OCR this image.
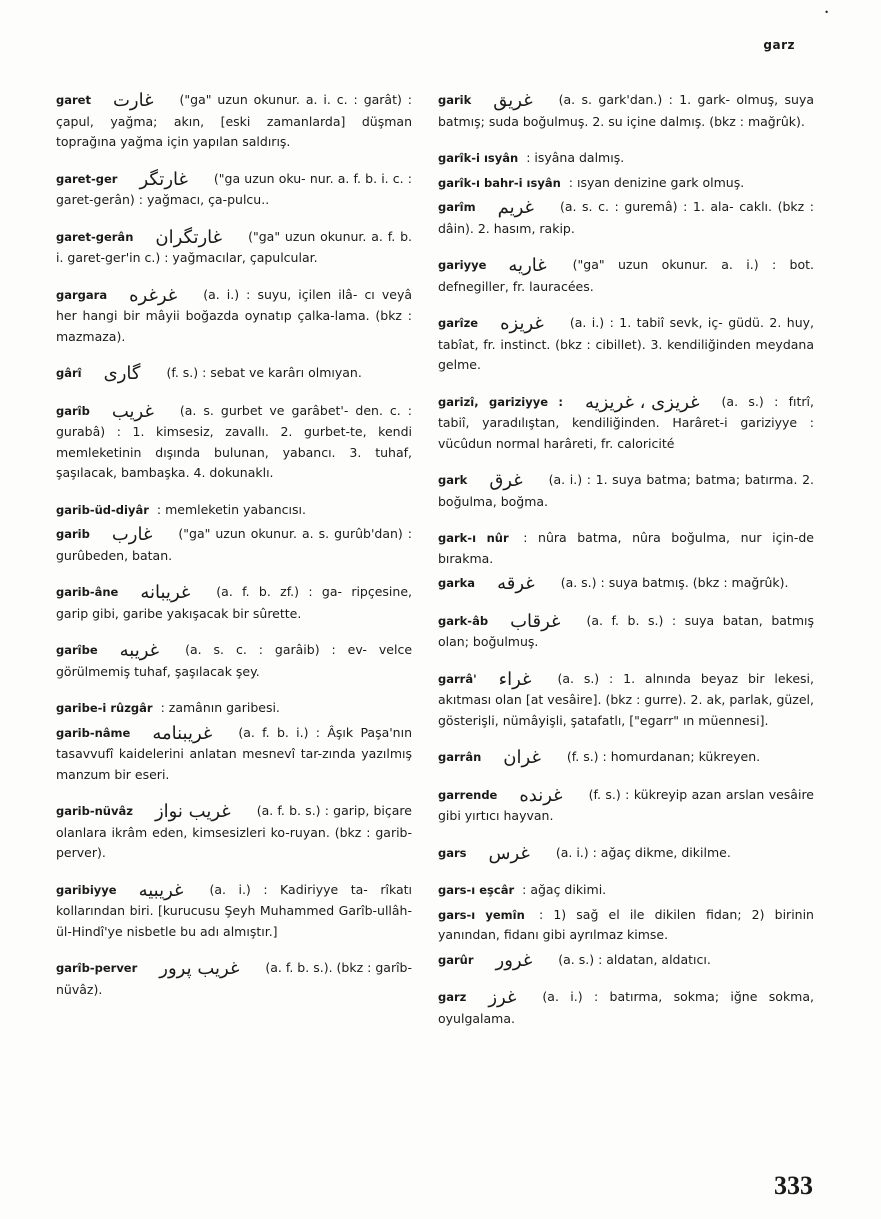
•
garz

garet غارت ("ga" uzun okunur. a. i. c. : garât) : çapul, yağma; akın, [eski zamanlarda] düşman toprağına yağma için yapılan saldırış.

garet-ger غارتگر ("ga uzun oku- nur. a. f. b. i. c. : garet-gerân) : yağmacı, ça-pulcu..

garet-gerân غارتگران ("ga" uzun okunur. a. f. b. i. garet-ger'in c.) : yağmacılar, çapulcular.

gargara غرغره (a. i.) : suyu, içilen ilâ- cı veyâ her hangi bir mâyii boğazda oynatıp çalka-lama. (bkz : mazmaza).

gârî گاری (f. s.) : sebat ve karârı olmıyan.

garîb غریب (a. s. gurbet ve garâbet'- den. c. : gurabâ) : 1. kimsesiz, zavallı. 2. gurbet-te, kendi memleketinin dışında bulunan, yabancı. 3. tuhaf, şaşılacak, bambaşka. 4. dokunaklı.

garib-üd-diyâr : memleketin yabancısı.

garib غارب ("ga" uzun okunur. a. s. gurûb'dan) : gurûbeden, batan.

garib-âne غریبانه (a. f. b. zf.) : ga- ripçesine, garip gibi, garibe yakışacak bir sûrette.

garîbe غریبه (a. s. c. : garâib) : ev- velce görülmemiş tuhaf, şaşılacak şey.

garibe-i rûzgâr : zamânın garibesi.

garib-nâme غریبنامه (a. f. b. i.) : Âşık Paşa'nın tasavvufî kaidelerini anlatan mesnevî tar-zında yazılmış manzum bir eseri.

garib-nüvâz غریب نواز (a. f. b. s.) : garip, biçare olanlara ikrâm eden, kimsesizleri ko-ruyan. (bkz : garib-perver).

garibiyye غریبیه (a. i.) : Kadiriyye ta- rîkatı kollarından biri. [kurucusu Şeyh Muhammed Garîb-ullâh-ül-Hindî'ye nisbetle bu adı almıştır.]

garîb-perver غریب پرور (a. f. b. s.). (bkz : garîb-nüvâz).

garik غریق (a. s. gark'dan.) : 1. gark- olmuş, suya batmış; suda boğulmuş. 2. su içine dalmış. (bkz : mağrûk).

garîk-i ısyân : isyâna dalmış.

garîk-ı bahr-i ısyân : ısyan denizine gark olmuş.

garîm غریم (a. s. c. : guremâ) : 1. ala- caklı. (bkz : dâin). 2. hasım, rakip.

gariyye غاریه ("ga" uzun okunur. a. i.) : bot. defnegiller, fr. lauracées.

garîze غریزه (a. i.) : 1. tabiî sevk, iç- güdü. 2. huy, tabîat, fr. instinct. (bkz : cibillet). 3. kendiliğinden meydana gelme.

garizî, gariziyye : غریزی ، غریزیه (a. s.) : fıtrî, tabiî, yaradılıştan, kendiliğinden. Harâret-i gariziyye : vücûdun normal harâreti, fr. caloricité

gark غرق (a. i.) : 1. suya batma; batma; batırma. 2. boğulma, boğma.

gark-ı nûr : nûra batma, nûra boğulma, nur için-de bırakma.

garka غرقه (a. s.) : suya batmış. (bkz : mağrûk).

gark-âb غرقاب (a. f. b. s.) : suya batan, batmış olan; boğulmuş.

garrâ' غراء (a. s.) : 1. alnında beyaz bir lekesi, akıtması olan [at vesâire]. (bkz : gurre). 2. ak, parlak, güzel, gösterişli, nümâyişli, şatafatlı, ["egarr" ın müennesi].

garrân غران (f. s.) : homurdanan; kükreyen.

garrende غرنده (f. s.) : kükreyip azan arslan vesâire gibi yırtıcı hayvan.

gars غرس (a. i.) : ağaç dikme, dikilme.

gars-ı eşcâr : ağaç dikimi.

gars-ı yemîn : 1) sağ el ile dikilen fidan; 2) birinin yanından, fidanı gibi ayrılmaz kimse.

garûr غرور (a. s.) : aldatan, aldatıcı.

garz غرز (a. i.) : batırma, sokma; iğne sokma, oyulgalama.

333
